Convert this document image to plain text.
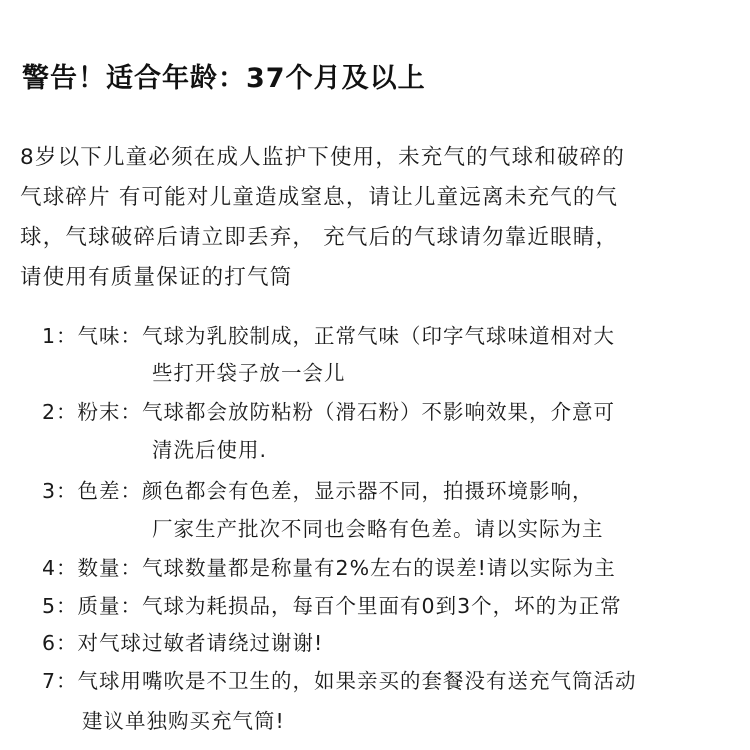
警告！适合年龄：37个月及以上
8岁以下儿童必须在成人监护下使用，未充气的气球和破碎的
气球碎片 有可能对儿童造成窒息，请让儿童远离未充气的气
球，气球破碎后请立即丢弃， 充气后的气球请勿靠近眼睛，
请使用有质量保证的打气筒
1：气味：气球为乳胶制成，正常气味（印字气球味道相对大
些打开袋子放一会儿
2：粉末：气球都会放防粘粉（滑石粉）不影响效果，介意可
清洗后使用.
3：色差：颜色都会有色差，显示器不同，拍摄环境影响，
厂家生产批次不同也会略有色差。请以实际为主
4：数量：气球数量都是称量有2%左右的误差!请以实际为主
5：质量：气球为耗损品，每百个里面有0到3个，坏的为正常
6：对气球过敏者请绕过谢谢!
7：气球用嘴吹是不卫生的，如果亲买的套餐没有送充气筒活动
建议单独购买充气筒!
